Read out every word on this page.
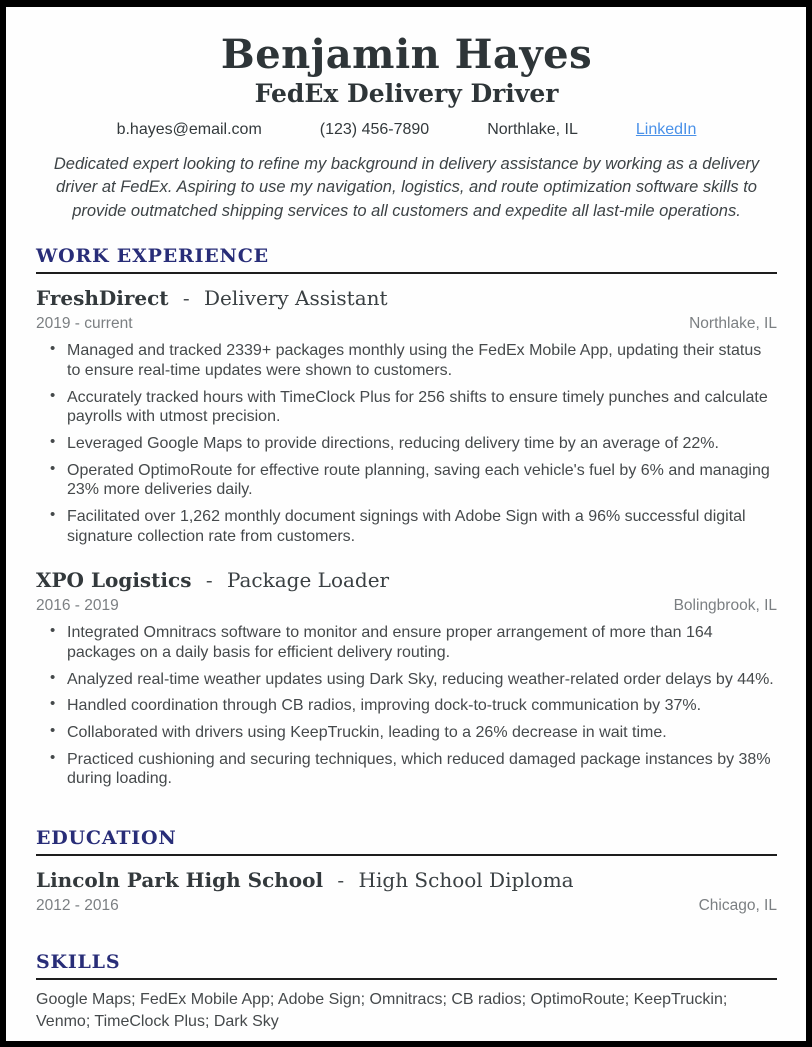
Benjamin Hayes
FedEx Delivery Driver
b.hayes@email.com	(123) 456-7890	Northlake, IL	LinkedIn

Dedicated expert looking to refine my background in delivery assistance by working as a delivery driver at FedEx. Aspiring to use my navigation, logistics, and route optimization software skills to provide outmatched shipping services to all customers and expedite all last-mile operations.

WORK EXPERIENCE
FreshDirect - Delivery Assistant
2019 - current	Northlake, IL
• Managed and tracked 2339+ packages monthly using the FedEx Mobile App, updating their status to ensure real-time updates were shown to customers.
• Accurately tracked hours with TimeClock Plus for 256 shifts to ensure timely punches and calculate payrolls with utmost precision.
• Leveraged Google Maps to provide directions, reducing delivery time by an average of 22%.
• Operated OptimoRoute for effective route planning, saving each vehicle's fuel by 6% and managing 23% more deliveries daily.
• Facilitated over 1,262 monthly document signings with Adobe Sign with a 96% successful digital signature collection rate from customers.
XPO Logistics - Package Loader
2016 - 2019	Bolingbrook, IL
• Integrated Omnitracs software to monitor and ensure proper arrangement of more than 164 packages on a daily basis for efficient delivery routing.
• Analyzed real-time weather updates using Dark Sky, reducing weather-related order delays by 44%.
• Handled coordination through CB radios, improving dock-to-truck communication by 37%.
• Collaborated with drivers using KeepTruckin, leading to a 26% decrease in wait time.
• Practiced cushioning and securing techniques, which reduced damaged package instances by 38% during loading.
EDUCATION
Lincoln Park High School - High School Diploma
2012 - 2016	Chicago, IL
SKILLS

Google Maps; FedEx Mobile App; Adobe Sign; Omnitracs; CB radios; OptimoRoute; KeepTruckin; Venmo; TimeClock Plus; Dark Sky
